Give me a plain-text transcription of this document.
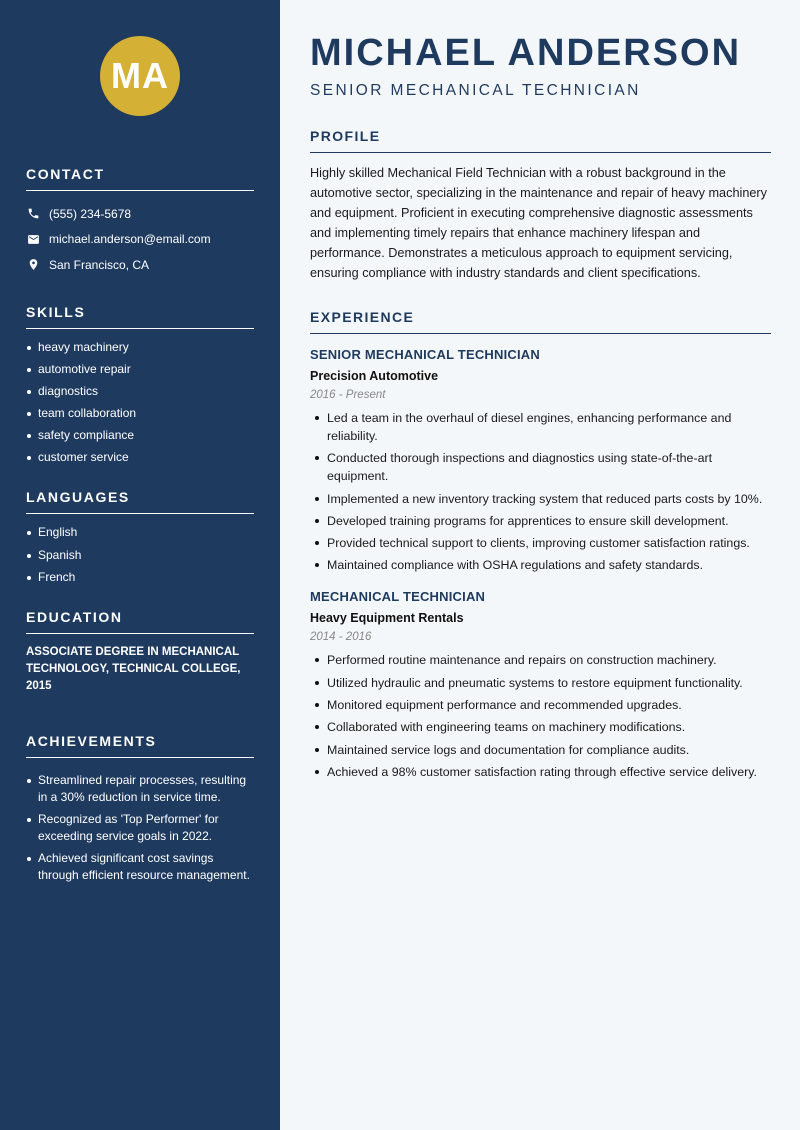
MA
CONTACT
(555) 234-5678
michael.anderson@email.com
San Francisco, CA
SKILLS
heavy machinery
automotive repair
diagnostics
team collaboration
safety compliance
customer service
LANGUAGES
English
Spanish
French
EDUCATION
ASSOCIATE DEGREE IN MECHANICAL TECHNOLOGY, TECHNICAL COLLEGE, 2015
ACHIEVEMENTS
Streamlined repair processes, resulting in a 30% reduction in service time.
Recognized as 'Top Performer' for exceeding service goals in 2022.
Achieved significant cost savings through efficient resource management.
MICHAEL ANDERSON
SENIOR MECHANICAL TECHNICIAN
PROFILE

Highly skilled Mechanical Field Technician with a robust background in the automotive sector, specializing in the maintenance and repair of heavy machinery and equipment. Proficient in executing comprehensive diagnostic assessments and implementing timely repairs that enhance machinery lifespan and performance. Demonstrates a meticulous approach to equipment servicing, ensuring compliance with industry standards and client specifications.

EXPERIENCE
SENIOR MECHANICAL TECHNICIAN
Precision Automotive
2016 - Present
Led a team in the overhaul of diesel engines, enhancing performance and reliability.
Conducted thorough inspections and diagnostics using state-of-the-art equipment.
Implemented a new inventory tracking system that reduced parts costs by 10%.
Developed training programs for apprentices to ensure skill development.
Provided technical support to clients, improving customer satisfaction ratings.
Maintained compliance with OSHA regulations and safety standards.
MECHANICAL TECHNICIAN
Heavy Equipment Rentals
2014 - 2016
Performed routine maintenance and repairs on construction machinery.
Utilized hydraulic and pneumatic systems to restore equipment functionality.
Monitored equipment performance and recommended upgrades.
Collaborated with engineering teams on machinery modifications.
Maintained service logs and documentation for compliance audits.
Achieved a 98% customer satisfaction rating through effective service delivery.
